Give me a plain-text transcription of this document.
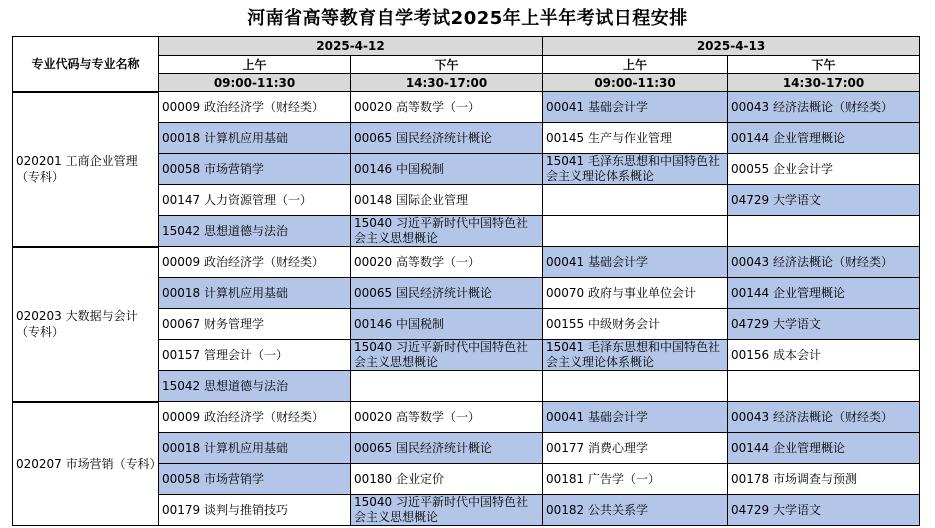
河南省高等教育自学考试2025年上半年考试日程安排
专业代码与专业名称	2025-4-12		2025-4-13	
	上午	下午	上午	下午
	09:00-11:30	14:30-17:00	09:00-11:30	14:30-17:00
020201 工商企业管理（专科）	00009 政治经济学（财经类）	00020 高等数学（一）	00041 基础会计学	00043 经济法概论（财经类）
	00018 计算机应用基础	00065 国民经济统计概论	00145 生产与作业管理	00144 企业管理概论
	00058 市场营销学	00146 中国税制	15041 毛泽东思想和中国特色社会主义理论体系概论	00055 企业会计学
	00147 人力资源管理（一）	00148 国际企业管理		04729 大学语文
	15042 思想道德与法治	15040 习近平新时代中国特色社会主义思想概论		
020203 大数据与会计（专科）	00009 政治经济学（财经类）	00020 高等数学（一）	00041 基础会计学	00043 经济法概论（财经类）
	00018 计算机应用基础	00065 国民经济统计概论	00070 政府与事业单位会计	00144 企业管理概论
	00067 财务管理学	00146 中国税制	00155 中级财务会计	04729 大学语文
	00157 管理会计（一）	15040 习近平新时代中国特色社会主义思想概论	15041 毛泽东思想和中国特色社会主义理论体系概论	00156 成本会计
	15042 思想道德与法治			
020207 市场营销（专科）	00009 政治经济学（财经类）	00020 高等数学（一）	00041 基础会计学	00043 经济法概论（财经类）
	00018 计算机应用基础	00065 国民经济统计概论	00177 消费心理学	00144 企业管理概论
	00058 市场营销学	00180 企业定价	00181 广告学（一）	00178 市场调查与预测
	00179 谈判与推销技巧	15040 习近平新时代中国特色社会主义思想概论	00182 公共关系学	04729 大学语文
